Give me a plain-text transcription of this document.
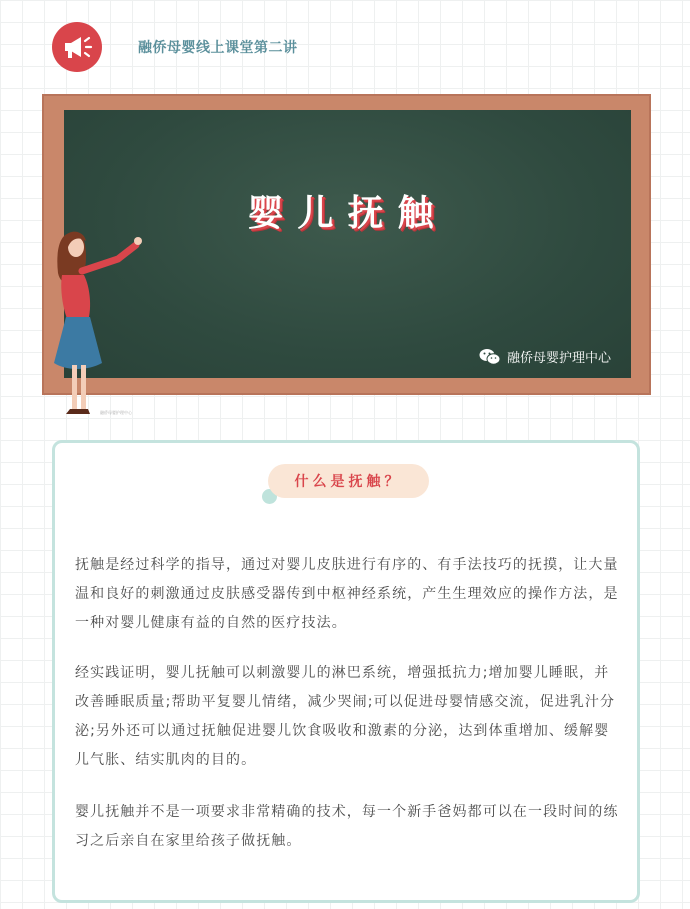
融侨母婴线上课堂第二讲
婴儿抚触
融侨母婴护理中心
融侨母婴护理中心
什么是抚触？

抚触是经过科学的指导，通过对婴儿皮肤进行有序的、有手法技巧的抚摸，让大量温和良好的刺激通过皮肤感受器传到中枢神经系统，产生生理效应的操作方法，是一种对婴儿健康有益的自然的医疗技法。

经实践证明，婴儿抚触可以刺激婴儿的淋巴系统，增强抵抗力;增加婴儿睡眠，并改善睡眠质量;帮助平复婴儿情绪，减少哭闹;可以促进母婴情感交流，促进乳汁分泌;另外还可以通过抚触促进婴儿饮食吸收和激素的分泌，达到体重增加、缓解婴儿气胀、结实肌肉的目的。

婴儿抚触并不是一项要求非常精确的技术，每一个新手爸妈都可以在一段时间的练习之后亲自在家里给孩子做抚触。
